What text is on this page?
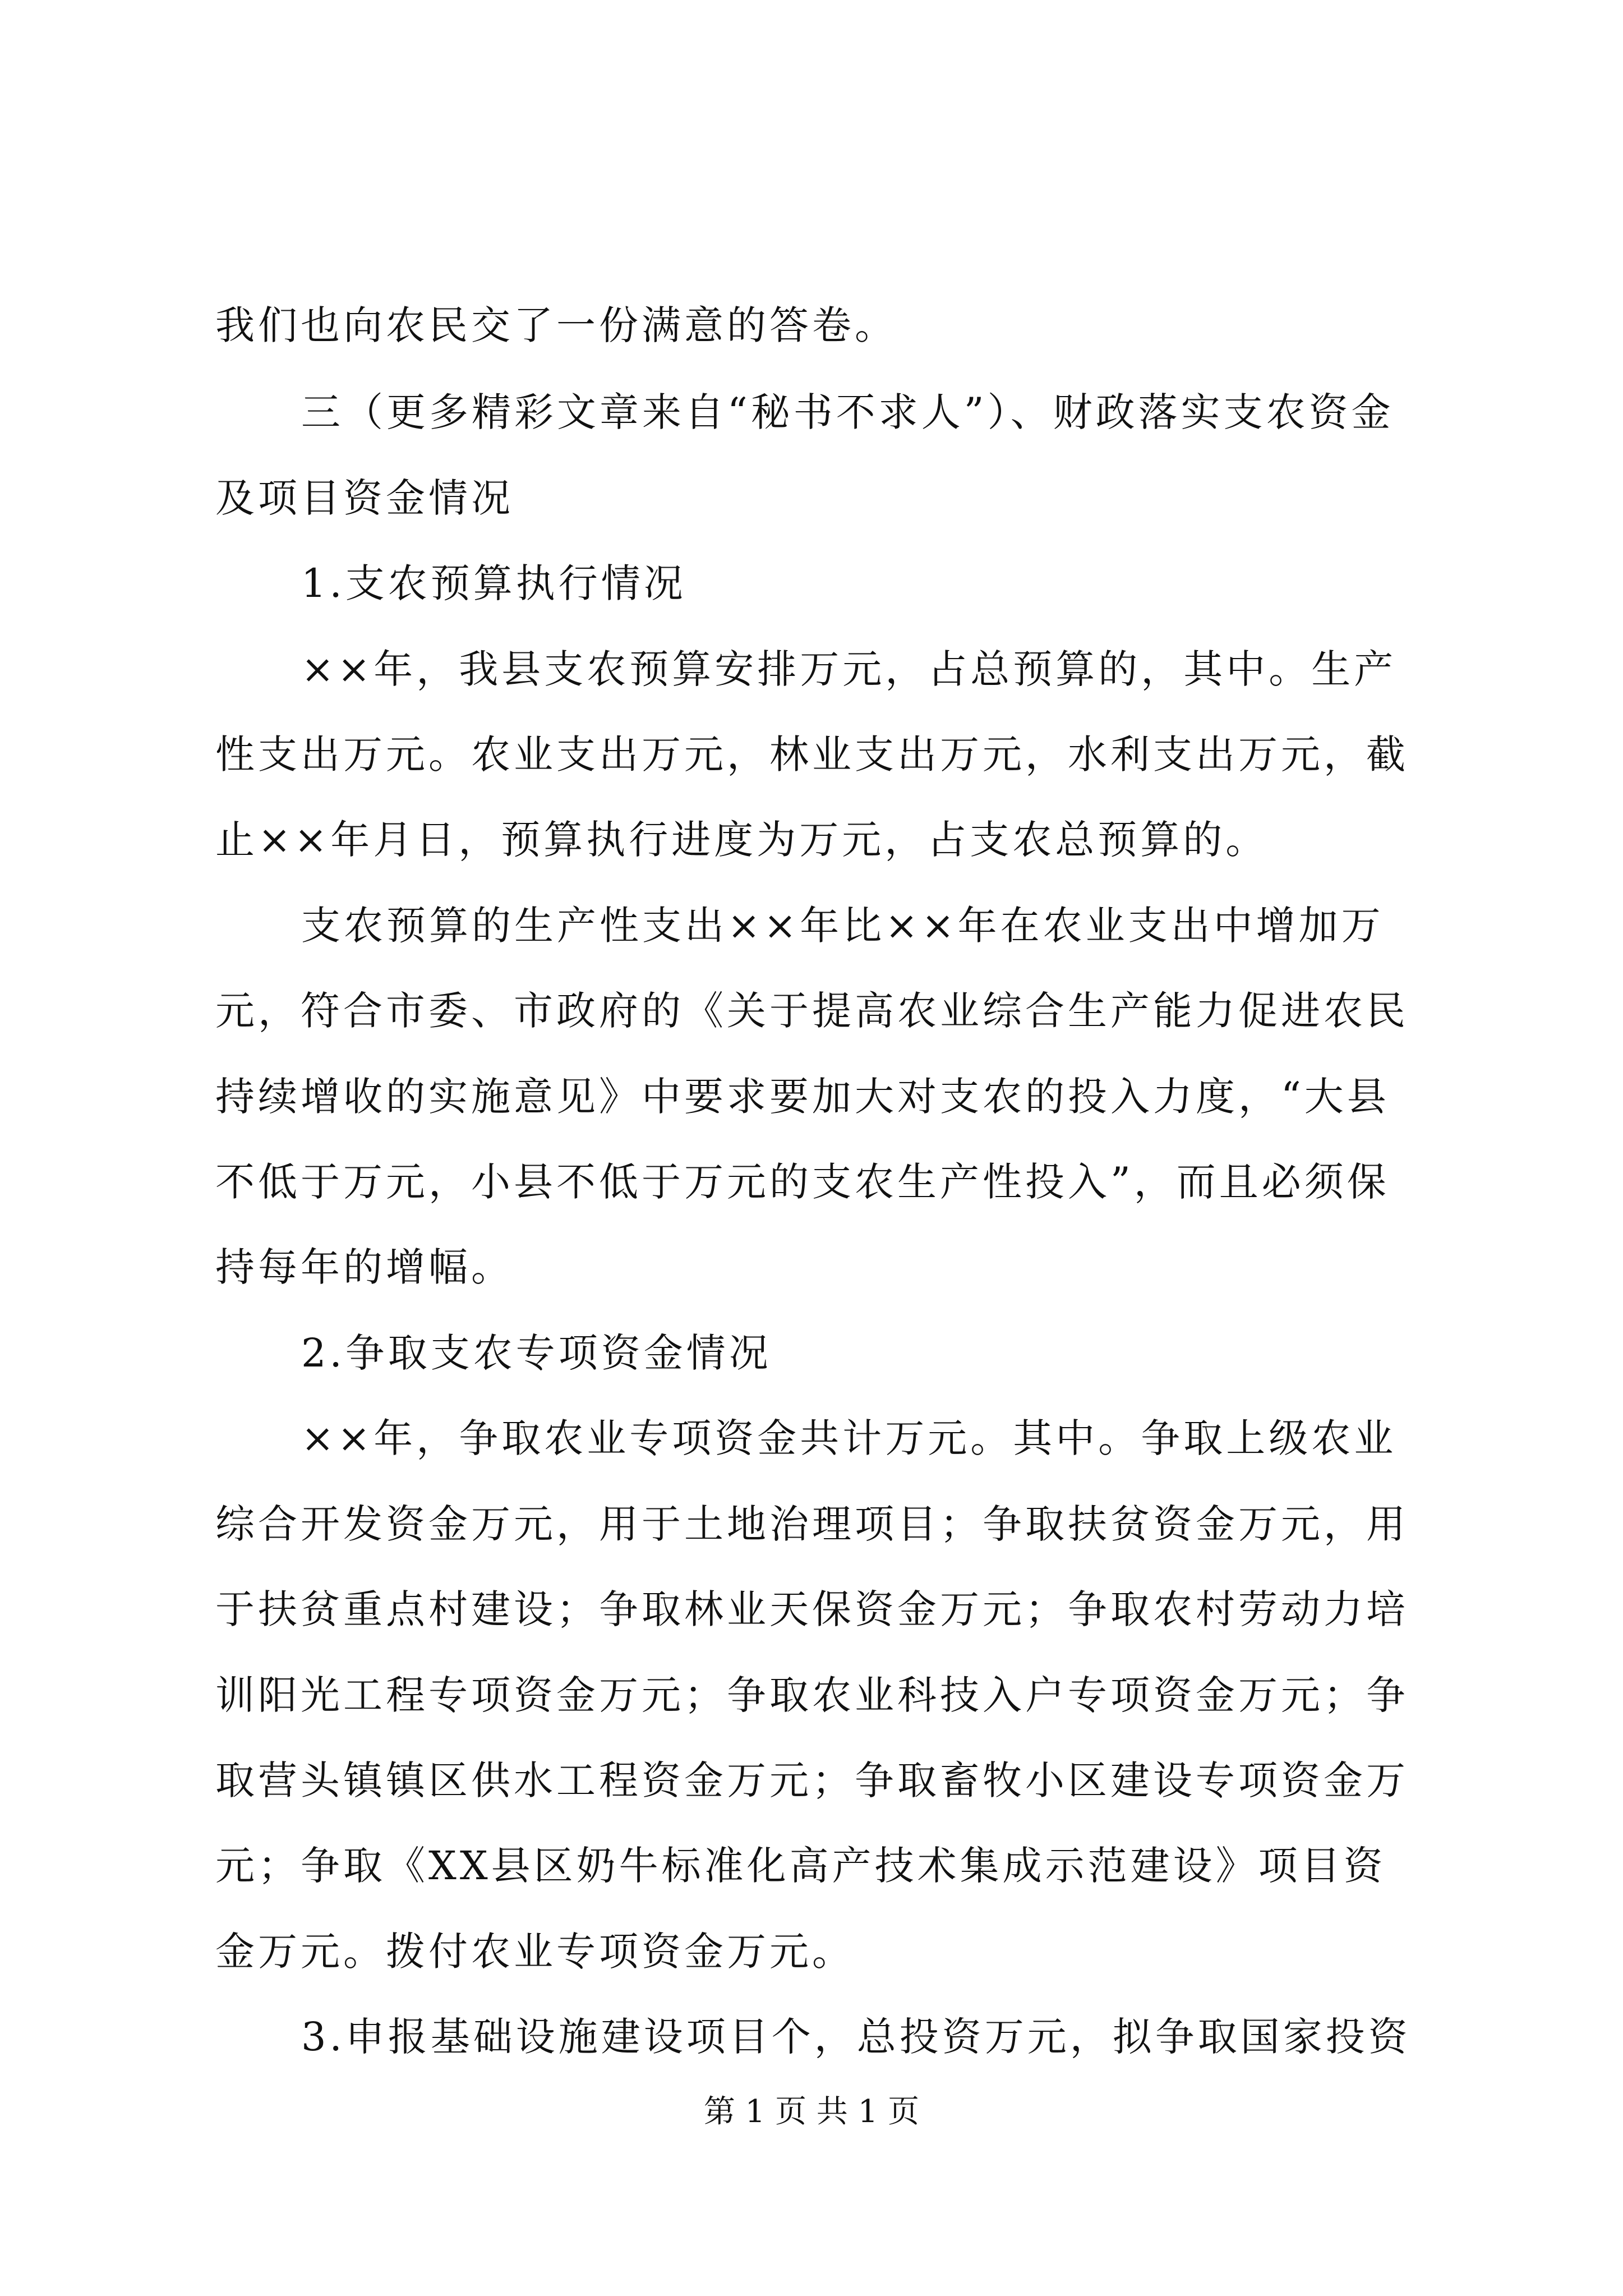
我们也向农民交了一份满意的答卷。
三（更多精彩文章来自“秘书不求人”）、财政落实支农资金
及项目资金情况
1.支农预算执行情况
××年，我县支农预算安排万元，占总预算的，其中。生产
性支出万元。农业支出万元，林业支出万元，水利支出万元，截
止××年月日，预算执行进度为万元，占支农总预算的。
支农预算的生产性支出××年比××年在农业支出中增加万
元，符合市委、市政府的《关于提高农业综合生产能力促进农民
持续增收的实施意见》中要求要加大对支农的投入力度，“大县
不低于万元，小县不低于万元的支农生产性投入”，而且必须保
持每年的增幅。
2.争取支农专项资金情况
××年，争取农业专项资金共计万元。其中。争取上级农业
综合开发资金万元，用于土地治理项目；争取扶贫资金万元，用
于扶贫重点村建设；争取林业天保资金万元；争取农村劳动力培
训阳光工程专项资金万元；争取农业科技入户专项资金万元；争
取营头镇镇区供水工程资金万元；争取畜牧小区建设专项资金万
元；争取《XX县区奶牛标准化高产技术集成示范建设》项目资
金万元。拨付农业专项资金万元。
3.申报基础设施建设项目个，总投资万元，拟争取国家投资
第 1 页 共 1 页
